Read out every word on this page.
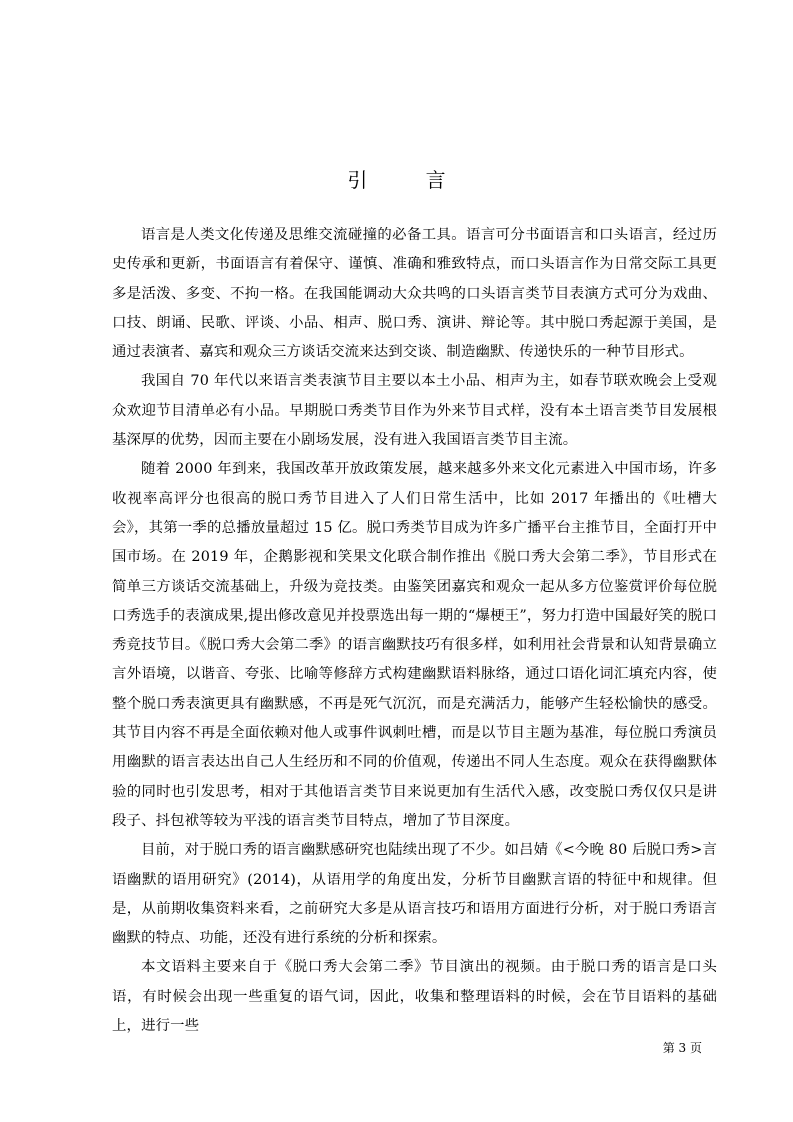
引 言

语言是人类文化传递及思维交流碰撞的必备工具。语言可分书面语言和口头语言，经过历史传承和更新，书面语言有着保守、谨慎、准确和雅致特点，而口头语言作为日常交际工具更多是活泼、多变、不拘一格。在我国能调动大众共鸣的口头语言类节目表演方式可分为戏曲、口技、朗诵、民歌、评谈、小品、相声、脱口秀、演讲、辩论等。其中脱口秀起源于美国，是通过表演者、嘉宾和观众三方谈话交流来达到交谈、制造幽默、传递快乐的一种节目形式。

我国自 70 年代以来语言类表演节目主要以本土小品、相声为主，如春节联欢晚会上受观众欢迎节目清单必有小品。早期脱口秀类节目作为外来节目式样，没有本土语言类节目发展根基深厚的优势，因而主要在小剧场发展，没有进入我国语言类节目主流。

随着 2000 年到来，我国改革开放政策发展，越来越多外来文化元素进入中国市场，许多收视率高评分也很高的脱口秀节目进入了人们日常生活中，比如 2017 年播出的《吐槽大会》，其第一季的总播放量超过 15 亿。脱口秀类节目成为许多广播平台主推节目，全面打开中国市场。在 2019 年，企鹅影视和笑果文化联合制作推出《脱口秀大会第二季》，节目形式在简单三方谈话交流基础上，升级为竞技类。由鉴笑团嘉宾和观众一起从多方位鉴赏评价每位脱口秀选手的表演成果,提出修改意见并投票选出每一期的“爆梗王”，努力打造中国最好笑的脱口秀竞技节目。《脱口秀大会第二季》的语言幽默技巧有很多样，如利用社会背景和认知背景确立言外语境，以谐音、夸张、比喻等修辞方式构建幽默语料脉络，通过口语化词汇填充内容，使整个脱口秀表演更具有幽默感，不再是死气沉沉，而是充满活力，能够产生轻松愉快的感受。其节目内容不再是全面依赖对他人或事件讽刺吐槽，而是以节目主题为基准，每位脱口秀演员用幽默的语言表达出自己人生经历和不同的价值观，传递出不同人生态度。观众在获得幽默体验的同时也引发思考，相对于其他语言类节目来说更加有生活代入感，改变脱口秀仅仅只是讲段子、抖包袱等较为平浅的语言类节目特点，增加了节目深度。

目前，对于脱口秀的语言幽默感研究也陆续出现了不少。如吕婧《<今晚 80 后脱口秀>言语幽默的语用研究》(2014)，从语用学的角度出发，分析节目幽默言语的特征中和规律。但是，从前期收集资料来看，之前研究大多是从语言技巧和语用方面进行分析，对于脱口秀语言幽默的特点、功能，还没有进行系统的分析和探索。

本文语料主要来自于《脱口秀大会第二季》节目演出的视频。由于脱口秀的语言是口头语，有时候会出现一些重复的语气词，因此，收集和整理语料的时候，会在节目语料的基础上，进行一些

第 3 页
